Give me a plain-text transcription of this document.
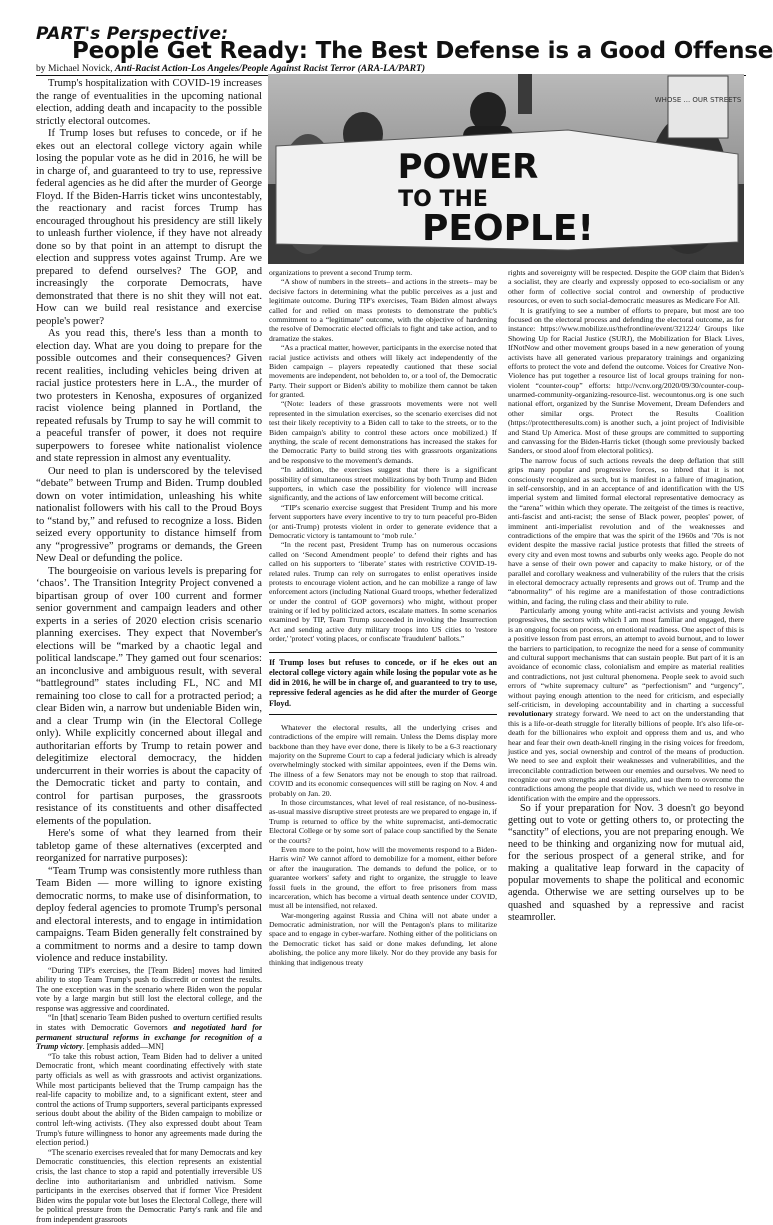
PART's Perspective:
People Get Ready: The Best Defense is a Good Offense
by Michael Novick, Anti-Racist Action-Los Angeles/People Against Racist Terror (ARA-LA/PART)

Trump's hospitalization with COVID-19 increases the range of eventualities in the upcoming national election, adding death and incapacity to the possible strictly electoral outcomes.

If Trump loses but refuses to concede, or if he ekes out an electoral college victory again while losing the popular vote as he did in 2016, he will be in charge of, and guaranteed to try to use, repressive federal agencies as he did after the murder of George Floyd. If the Biden-Harris ticket wins uncontestably, the reactionary and racist forces Trump has encouraged throughout his presidency are still likely to unleash further violence, if they have not already done so by that point in an attempt to disrupt the election and suppress votes against Trump. Are we prepared to defend ourselves? The GOP, and increasingly the corporate Democrats, have demonstrated that there is no shit they will not eat. How can we build real resistance and exercise people's power?

As you read this, there's less than a month to election day. What are you doing to prepare for the possible outcomes and their consequences? Given recent realities, including vehicles being driven at racial justice protesters here in L.A., the murder of two protesters in Kenosha, exposures of organized racist violence being planned in Portland, the repeated refusals by Trump to say he will commit to a peaceful transfer of power, it does not require superpowers to foresee white nationalist violence and state repression in almost any eventuality.

Our need to plan is underscored by the televised “debate” between Trump and Biden. Trump doubled down on voter intimidation, unleashing his white nationalist followers with his call to the Proud Boys to “stand by,” and refused to recognize a loss. Biden seized every opportunity to distance himself from any “progressive” programs or demands, the Green New Deal or defunding the police.

The bourgeoisie on various levels is preparing for ‘chaos’. The Transition Integrity Project convened a bipartisan group of over 100 current and former senior government and campaign leaders and other experts in a series of 2020 election crisis scenario planning exercises. They expect that November's elections will be “marked by a chaotic legal and political landscape.” They gamed out four scenarios: an inconclusive and ambiguous result, with several “battleground” states including FL, NC and MI remaining too close to call for a protracted period; a clear Biden win, a narrow but undeniable Biden win, and a clear Trump win (in the Electoral College only). While explicitly concerned about illegal and authoritarian efforts by Trump to retain power and delegitimize electoral democracy, the hidden undercurrent in their worries is about the capacity of the Democratic ticket and party to contain, and control for partisan purposes, the grassroots resistance of its constituents and other disaffected elements of the population.

Here's some of what they learned from their tabletop game of these alternatives (excerpted and reorganized for narrative purposes):

“Team Trump was consistently more ruthless than Team Biden — more willing to ignore existing democratic norms, to make use of disinformation, to deploy federal agencies to promote Trump's personal and electoral interests, and to engage in intimidation campaigns. Team Biden generally felt constrained by a commitment to norms and a desire to tamp down violence and reduce instability.

“During TIP's exercises, the [Team Biden] moves had limited ability to stop Team Trump's push to discredit or contest the results. The one exception was in the scenario where Biden won the popular vote by a large margin but still lost the electoral college, and the response was aggressive and coordinated.

“In [that] scenario Team Biden pushed to overturn certified results in states with Democratic Governors and negotiated hard for permanent structural reforms in exchange for recognition of a Trump victory. [emphasis added—MN]

“To take this robust action, Team Biden had to deliver a united Democratic front, which meant coordinating effectively with state party officials as well as with grassroots and activist organizations. While most participants believed that the Trump campaign has the real-life capacity to mobilize and, to a significant extent, steer and control the actions of Trump supporters, several participants expressed serious doubt about the ability of the Biden campaign to mobilize or control left-wing activists. (They also expressed doubt about Team Trump's future willingness to honor any agreements made during the election period.)

“The scenario exercises revealed that for many Democrats and key Democratic constituencies, this election represents an existential crisis, the last chance to stop a rapid and potentially irreversible US decline into authoritarianism and unbridled nativism. Some participants in the exercises observed that if former Vice President Biden wins the popular vote but loses the Electoral College, there will be political pressure from the Democratic Party's rank and file and from independent grassroots

WHOSE ... OUR STREETS
POWER
TO THE
PEOPLE!

organizations to prevent a second Trump term.

“A show of numbers in the streets– and actions in the streets– may be decisive factors in determining what the public perceives as a just and legitimate outcome. During TIP's exercises, Team Biden almost always called for and relied on mass protests to demonstrate the public's commitment to a “legitimate” outcome, with the objective of hardening the resolve of Democratic elected officials to fight and take action, and to dramatize the stakes.

“As a practical matter, however, participants in the exercise noted that racial justice activists and others will likely act independently of the Biden campaign – players repeatedly cautioned that these social movements are independent, not beholden to, or a tool of, the Democratic Party. Their support or Biden's ability to mobilize them cannot be taken for granted.

“(Note: leaders of these grassroots movements were not well represented in the simulation exercises, so the scenario exercises did not test their likely receptivity to a Biden call to take to the streets, or to the Biden campaign's ability to control these actors once mobilized.) If anything, the scale of recent demonstrations has increased the stakes for the Democratic Party to build strong ties with grassroots organizations and be responsive to the movement's demands.

“In addition, the exercises suggest that there is a significant possibility of simultaneous street mobilizations by both Trump and Biden supporters, in which case the possibility for violence will increase significantly, and the actions of law enforcement will become critical.

“TIP's scenario exercise suggest that President Trump and his more fervent supporters have every incentive to try to turn peaceful pro-Biden (or anti-Trump) protests violent in order to generate evidence that a Democratic victory is tantamount to ‘mob rule.’

“In the recent past, President Trump has on numerous occasions called on ‘Second Amendment people’ to defend their rights and has called on his supporters to ‘liberate’ states with restrictive COVID-19-related rules. Trump can rely on surrogates to enlist operatives inside protests to encourage violent action, and he can mobilize a range of law enforcement actors (including National Guard troops, whether federalized or under the control of GOP governors) who might, without proper training or if led by politicized actors, escalate matters. In some scenarios examined by TIP, Team Trump succeeded in invoking the Insurrection Act and sending active duty military troops into US cities to 'restore order,' 'protect' voting places, or confiscate 'fraudulent' ballots.”

If Trump loses but refuses to concede, or if he ekes out an electoral college victory again while losing the popular vote as he did in 2016, he will be in charge of, and guaranteed to try to use, repressive federal agencies as he did after the murder of George Floyd.

Whatever the electoral results, all the underlying crises and contradictions of the empire will remain. Unless the Dems display more backbone than they have ever done, there is likely to be a 6-3 reactionary majority on the Supreme Court to cap a federal judiciary which is already overwhelmingly stocked with similar appointees, even if the Dems win. The illness of a few Senators may not be enough to stop that railroad. COVID and its economic consequences will still be raging on Nov. 4 and probably on Jan. 20.

In those circumstances, what level of real resistance, of no-business-as-usual massive disruptive street protests are we prepared to engage in, if Trump is returned to office by the white supremacist, anti-democratic Electoral College or by some sort of palace coup sanctified by the Senate or the courts?

Even more to the point, how will the movements respond to a Biden-Harris win? We cannot afford to demobilize for a moment, either before or after the inauguration. The demands to defund the police, or to guarantee workers' safety and right to organize, the struggle to leave fossil fuels in the ground, the effort to free prisoners from mass incarceration, which has become a virtual death sentence under COVID, must all be intensified, not relaxed.

War-mongering against Russia and China will not abate under a Democratic administration, nor will the Pentagon's plans to militarize space and to engage in cyber-warfare. Nothing either of the politicians on the Democratic ticket has said or done makes defunding, let alone abolishing, the police any more likely. Nor do they provide any basis for thinking that indigenous treaty

rights and sovereignty will be respected. Despite the GOP claim that Biden's a socialist, they are clearly and expressly opposed to eco-socialism or any other form of collective social control and ownership of productive resources, or even to such social-democratic measures as Medicare For All.

It is gratifying to see a number of efforts to prepare, but most are too focused on the electoral process and defending the electoral outcome, as for instance: https://www.mobilize.us/thefrontline/event/321224/ Groups like Showing Up for Racial Justice (SURJ), the Mobilization for Black Lives, IfNotNow and other movement groups based in a new generation of young activists have all generated various preparatory trainings and organizing efforts to protect the vote and defend the outcome. Voices for Creative Non-Violence has put together a resource list of local groups training for non-violent “counter-coup” efforts: http://vcnv.org/2020/09/30/counter-coup-unarmed-community-organizing-resource-list. wecountonus.org is one such national effort, organized by the Sunrise Movement, Dream Defenders and other similar orgs. Protect the Results Coalition (https://protecttheresults.com) is another such, a joint project of Indivisible and Stand Up America. Most of these groups are committed to supporting and canvassing for the Biden-Harris ticket (though some previously backed Sanders, or stood aloof from electoral politics).

The narrow focus of such actions reveals the deep deflation that still grips many popular and progressive forces, so inbred that it is not consciously recognized as such, but is manifest in a failure of imagination, in self-censorship, and in an acceptance of and identification with the US imperial system and limited formal electoral representative democracy as the “arena” within which they operate. The zeitgeist of the times is reactive, anti-fascist and anti-racist; the sense of Black power, peoples' power, of imminent anti-imperialist revolution and of the weaknesses and contradictions of the empire that was the spirit of the 1960s and '70s is not evident despite the massive racial justice protests that filled the streets of every city and even most towns and suburbs only weeks ago. People do not have a sense of their own power and capacity to make history, or of the parallel and corollary weakness and vulnerability of the rulers that the crisis in electoral democracy actually represents and grows out of. Trump and the “abnormality” of his regime are a manifestation of those contradictions within, and facing, the ruling class and their ability to rule.

Particularly among young white anti-racist activists and young Jewish progressives, the sectors with which I am most familiar and engaged, there is an ongoing focus on process, on emotional readiness. One aspect of this is a positive lesson from past errors, an attempt to avoid burnout, and to lower the barriers to participation, to recognize the need for a sense of community and cultural support mechanisms that can sustain people. But part of it is an avoidance of economic class, colonialism and empire as material realities and contradictions, not just cultural phenomena. People seek to avoid such errors of “white supremacy culture” as “perfectionism” and “urgency”, without paying enough attention to the need for criticism, and especially self-criticism, in developing accountability and in charting a successful revolutionary strategy forward. We need to act on the understanding that this is a life-or-death struggle for literally billions of people. It's also life-or-death for the billionaires who exploit and oppress them and us, and who hear and fear their own death-knell ringing in the rising voices for freedom, justice and yes, social ownership and control of the means of production. We need to see and exploit their weaknesses and vulnerabilities, and the irreconcilable contradiction between our enemies and ourselves. We need to recognize our own strengths and essentiality, and use them to overcome the contradictions among the people that divide us, which we need to resolve in identification with the empire and the oppressors.

So if your preparation for Nov. 3 doesn't go beyond getting out to vote or getting others to, or protecting the “sanctity” of elections, you are not preparing enough. We need to be thinking and organizing now for mutual aid, for the serious prospect of a general strike, and for making a qualitative leap forward in the capacity of popular movements to shape the political and economic agenda. Otherwise we are setting ourselves up to be quashed and squashed by a repressive and racist steamroller.
